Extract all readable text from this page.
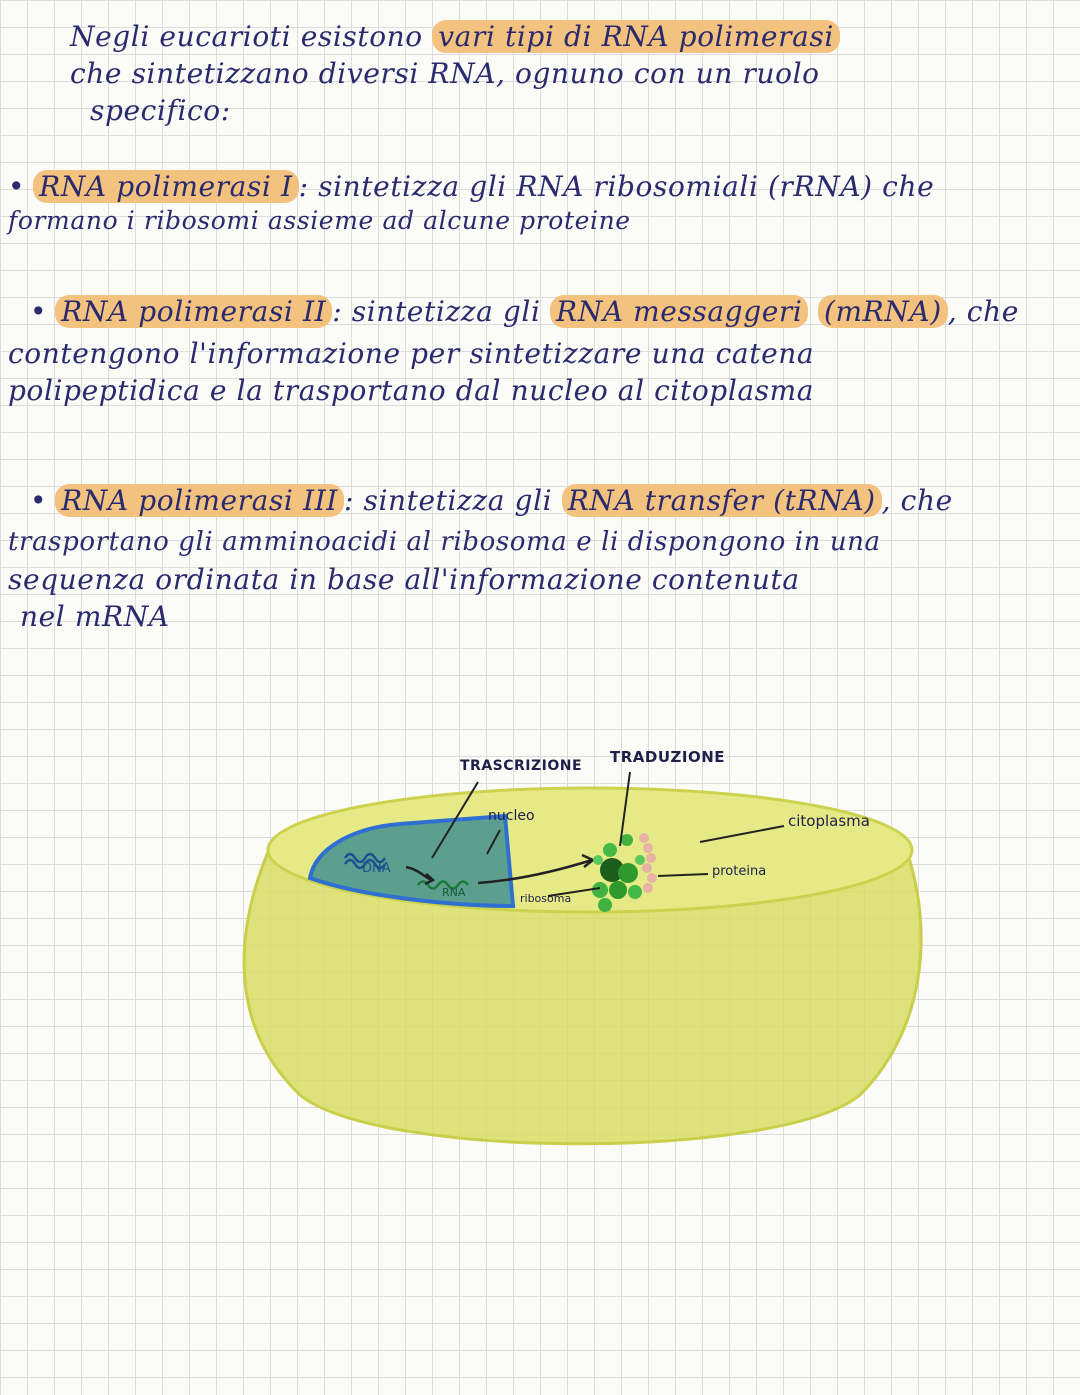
Negli eucarioti esistono vari tipi di RNA polimerasi
che sintetizzano diversi RNA, ognuno con un ruolo
specifico:
• RNA polimerasi I : sintetizza gli RNA ribosomiali (rRNA) che
formano i ribosomi assieme ad alcune proteine
• RNA polimerasi II : sintetizza gli RNA messaggeri (mRNA) , che
contengono l'informazione per sintetizzare una catena
polipeptidica e la trasportano dal nucleo al citoplasma
• RNA polimerasi III : sintetizza gli RNA transfer (tRNA) , che
trasportano gli amminoacidi al ribosoma e li dispongono in una
sequenza ordinata in base all'informazione contenuta
nel mRNA
TRASCRIZIONE TRADUZIONE
nucleo	citoplasma
DNA
RNA	ribosoma
proteina
